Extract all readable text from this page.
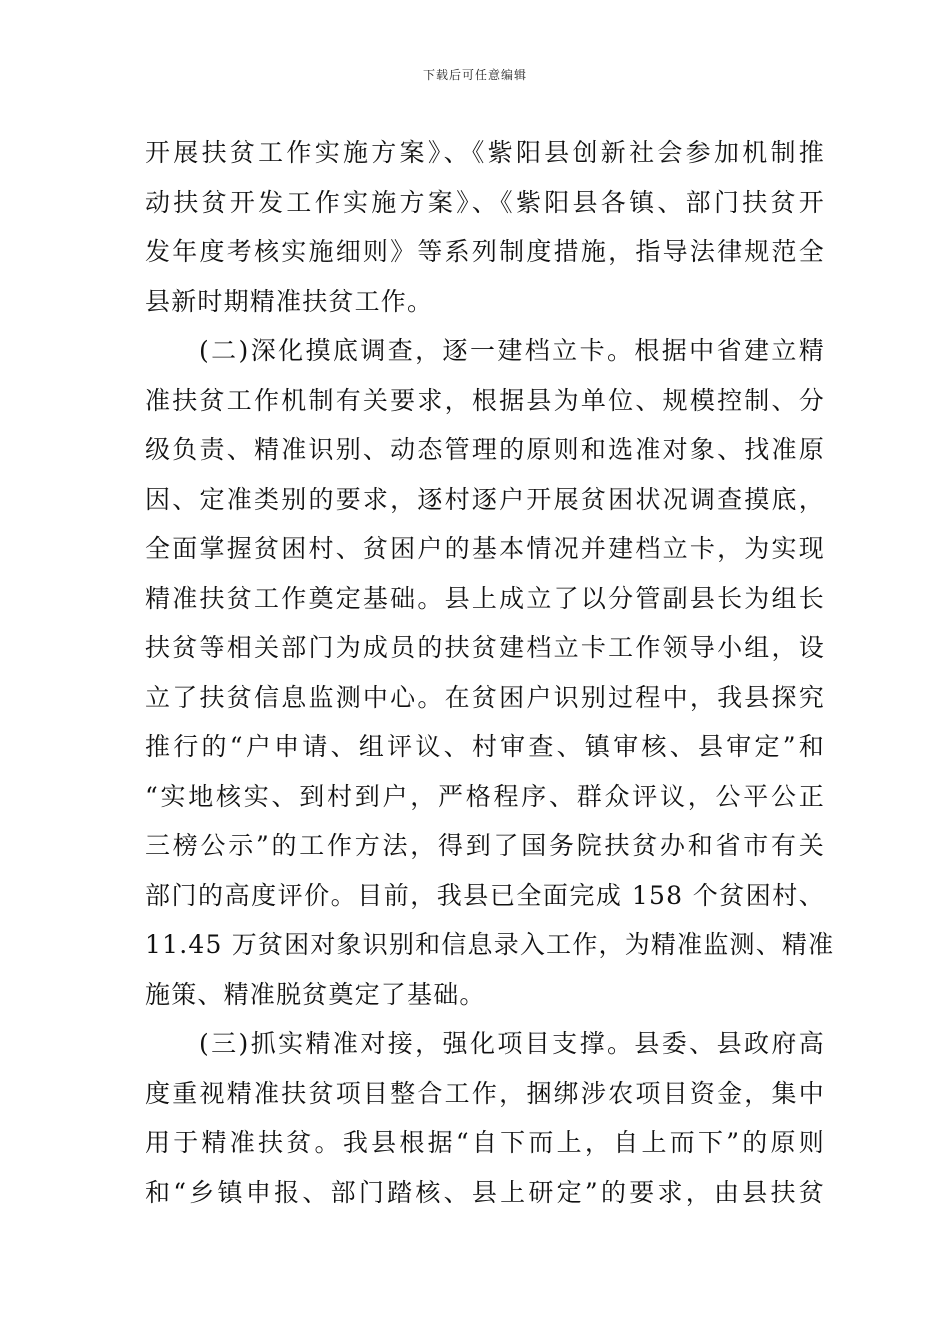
下载后可任意编辑
开展扶贫工作实施方案》、《紫阳县创新社会参加机制推
动扶贫开发工作实施方案》、《紫阳县各镇、部门扶贫开
发年度考核实施细则》等系列制度措施，指导法律规范全
县新时期精准扶贫工作。
(二)深化摸底调查，逐一建档立卡。根据中省建立精
准扶贫工作机制有关要求，根据县为单位、规模控制、分
级负责、精准识别、动态管理的原则和选准对象、找准原
因、定准类别的要求，逐村逐户开展贫困状况调查摸底，
全面掌握贫困村、贫困户的基本情况并建档立卡，为实现
精准扶贫工作奠定基础。县上成立了以分管副县长为组长
扶贫等相关部门为成员的扶贫建档立卡工作领导小组，设
立了扶贫信息监测中心。在贫困户识别过程中，我县探究
推行的“户申请、组评议、村审查、镇审核、县审定”和
“实地核实、到村到户，严格程序、群众评议，公平公正
三榜公示”的工作方法，得到了国务院扶贫办和省市有关
部门的高度评价。目前，我县已全面完成 158 个贫困村、
11.45 万贫困对象识别和信息录入工作，为精准监测、精准
施策、精准脱贫奠定了基础。
(三)抓实精准对接，强化项目支撑。县委、县政府高
度重视精准扶贫项目整合工作，捆绑涉农项目资金，集中
用于精准扶贫。我县根据“自下而上，自上而下”的原则
和“乡镇申报、部门踏核、县上研定”的要求，由县扶贫
